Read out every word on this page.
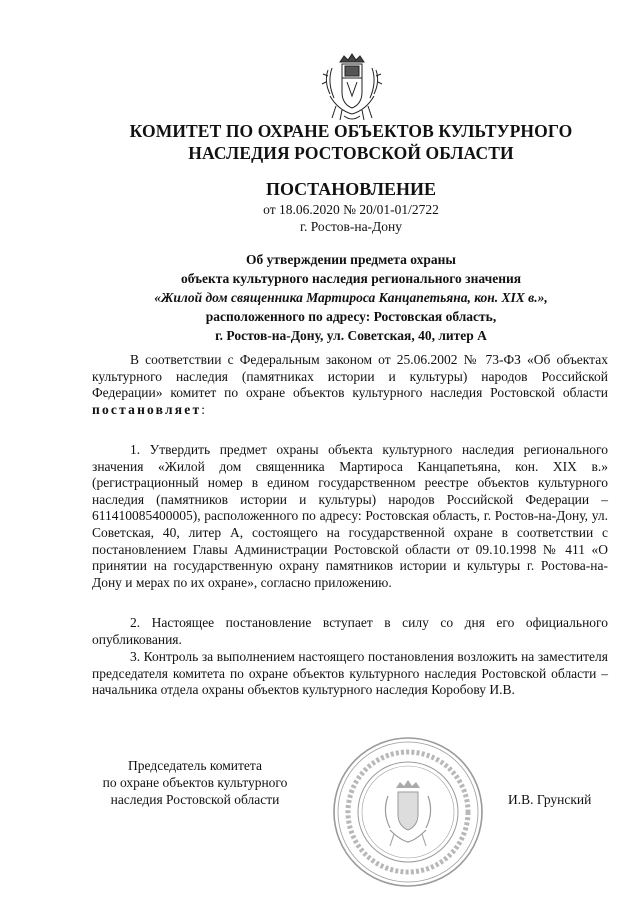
КОМИТЕТ ПО ОХРАНЕ ОБЪЕКТОВ КУЛЬТУРНОГО
НАСЛЕДИЯ РОСТОВСКОЙ ОБЛАСТИ
ПОСТАНОВЛЕНИЕ
от 18.06.2020 № 20/01-01/2722
г. Ростов-на-Дону
Об утверждении предмета охраны
объекта культурного наследия регионального значения
«Жилой дом священника Мартироса Канцапетьяна, кон. XIX в.»,
расположенного по адресу: Ростовская область,
г. Ростов-на-Дону, ул. Советская, 40, литер А

В соответствии с Федеральным законом от 25.06.2002 № 73-ФЗ «Об объектах культурного наследия (памятниках истории и культуры) народов Российской Федерации» комитет по охране объектов культурного наследия Ростовской области постановляет:

1. Утвердить предмет охраны объекта культурного наследия регионального значения «Жилой дом священника Мартироса Канцапетьяна, кон. XIX в.» (регистрационный номер в едином государственном реестре объектов культурного наследия (памятников истории и культуры) народов Российской Федерации – 611410085400005), расположенного по адресу: Ростовская область, г. Ростов-на-Дону, ул. Советская, 40, литер А, состоящего на государственной охране в соответствии с постановлением Главы Администрации Ростовской области от 09.10.1998 № 411 «О принятии на государственную охрану памятников истории и культуры г. Ростова-на-Дону и мерах по их охране», согласно приложению.

2. Настоящее постановление вступает в силу со дня его официального опубликования.

3. Контроль за выполнением настоящего постановления возложить на заместителя председателя комитета по охране объектов культурного наследия Ростовской области – начальника отдела охраны объектов культурного наследия Коробову И.В.

Председатель комитета
по охране объектов культурного
наследия Ростовской области	И.В. Грунский
